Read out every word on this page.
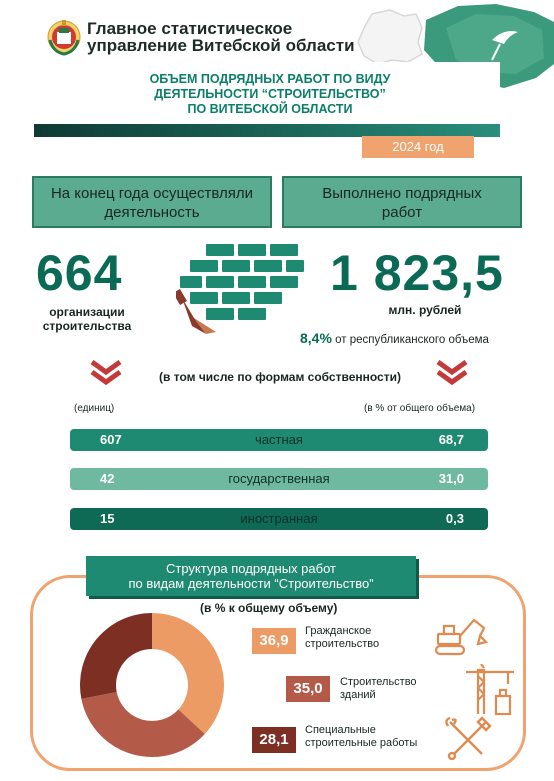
Главное статистическое
управление Витебской области
ОБЪЕМ ПОДРЯДНЫХ РАБОТ ПО ВИДУ
ДЕЯТЕЛЬНОСТИ “СТРОИТЕЛЬСТВО”
ПО ВИТЕБСКОЙ ОБЛАСТИ
2024 год
На конец года осуществляли
деятельность
Выполнено подрядных
работ
664
организации
строительства
1 823,5
млн. рублей
8,4% от республиканского объема
(в том числе по формам собственности)
(единиц)	(в % от общего объема)
частная
607	68,7
государственная
42	31,0
иностранная
15	0,3
Структура подрядных работ
по видам деятельности “Строительство”
(в % к общему объему)
36,9
Гражданское
строительство
35,0	Строительство
зданий
28,1
Специальные
строительные работы
